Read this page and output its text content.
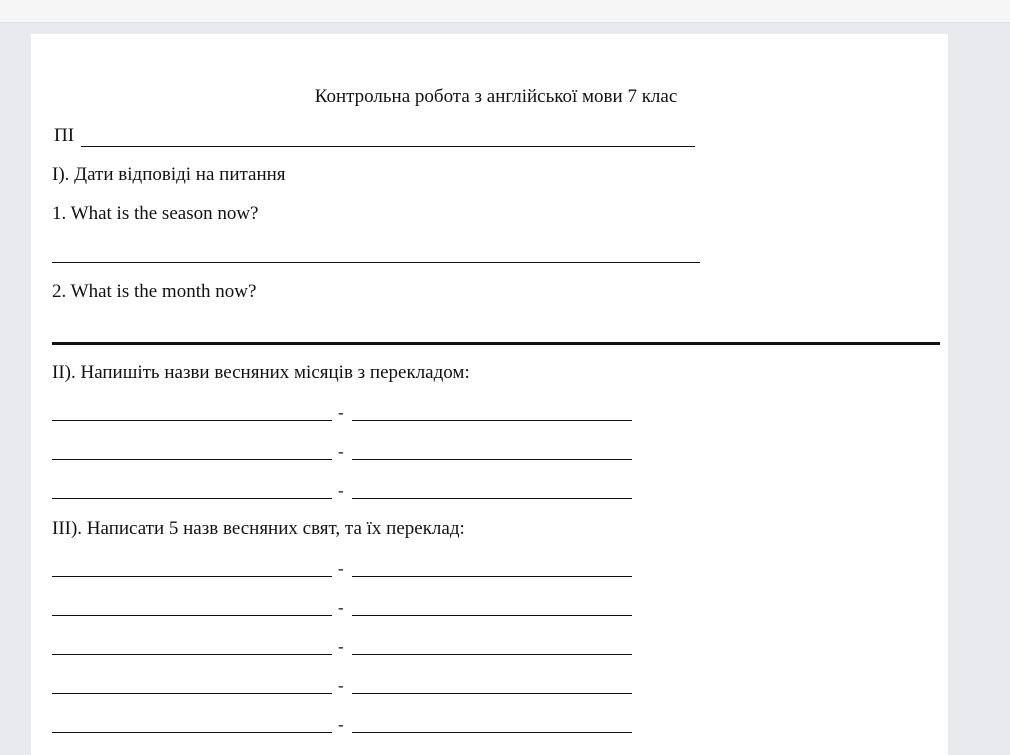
Контрольна робота з англійської мови 7 клас
ПІ
І). Дати відповіді на питання
1. What is the season now?
2. What is the month now?
ІІ). Напишіть назви весняних місяців з перекладом:
-
-
-
ІІІ). Написати 5 назв весняних свят, та їх переклад:
-
-
-
-
-
